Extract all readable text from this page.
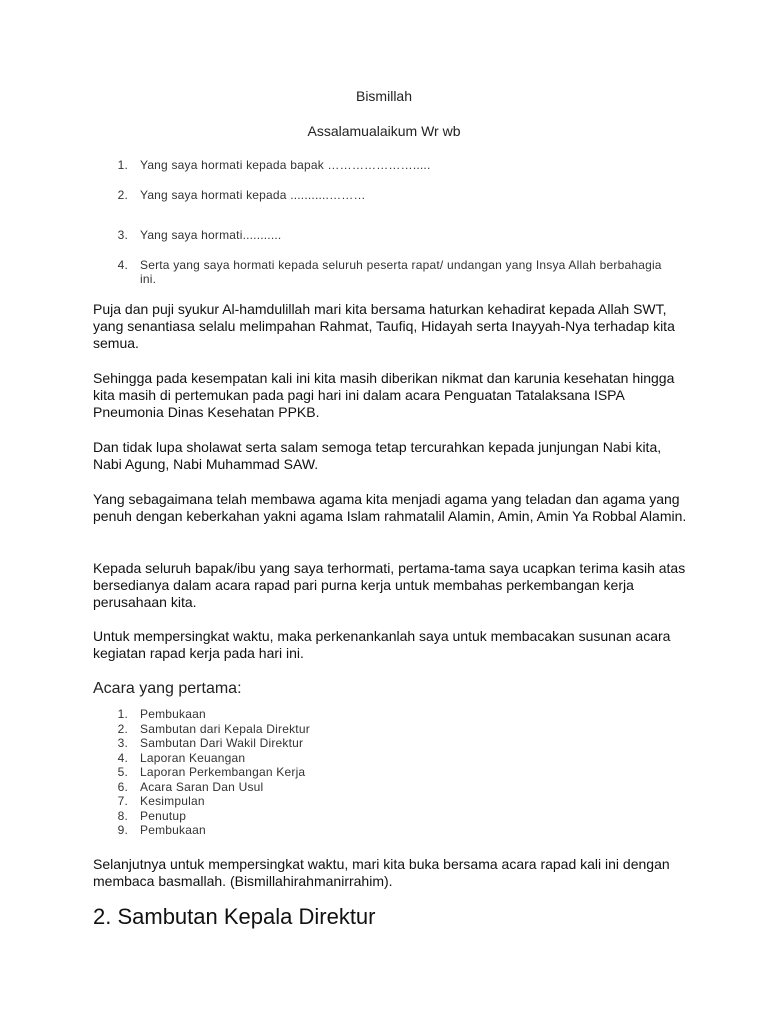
Bismillah
Assalamualaikum Wr wb
1. Yang saya hormati kepada bapak ………………….....
2. Yang saya hormati kepada ...........………
3. Yang saya hormati...........
4. Serta yang saya hormati kepada seluruh peserta rapat/ undangan yang Insya Allah berbahagia ini.
Puja dan puji syukur Al-hamdulillah mari kita bersama haturkan kehadirat kepada Allah SWT, yang senantiasa selalu melimpahan Rahmat, Taufiq, Hidayah serta Inayyah-Nya terhadap kita semua.
Sehingga pada kesempatan kali ini kita masih diberikan nikmat dan karunia kesehatan hingga kita masih di pertemukan pada pagi hari ini dalam acara Penguatan Tatalaksana ISPA Pneumonia Dinas Kesehatan PPKB.
Dan tidak lupa sholawat serta salam semoga tetap tercurahkan kepada junjungan Nabi kita, Nabi Agung, Nabi Muhammad SAW.
Yang sebagaimana telah membawa agama kita menjadi agama yang teladan dan agama yang penuh dengan keberkahan yakni agama Islam rahmatalil Alamin, Amin, Amin Ya Robbal Alamin.
Kepada seluruh bapak/ibu yang saya terhormati, pertama-tama saya ucapkan terima kasih atas bersedianya dalam acara rapad pari purna kerja untuk membahas perkembangan kerja perusahaan kita.
Untuk mempersingkat waktu, maka perkenankanlah saya untuk membacakan susunan acara kegiatan rapad kerja pada hari ini.
Acara yang pertama:
1. Pembukaan
2. Sambutan dari Kepala Direktur
3. Sambutan Dari Wakil Direktur
4. Laporan Keuangan
5. Laporan Perkembangan Kerja
6. Acara Saran Dan Usul
7. Kesimpulan
8. Penutup
9. Pembukaan
Selanjutnya untuk mempersingkat waktu, mari kita buka bersama acara rapad kali ini dengan membaca basmallah. (Bismillahirahmanirrahim).
2. Sambutan Kepala Direktur
